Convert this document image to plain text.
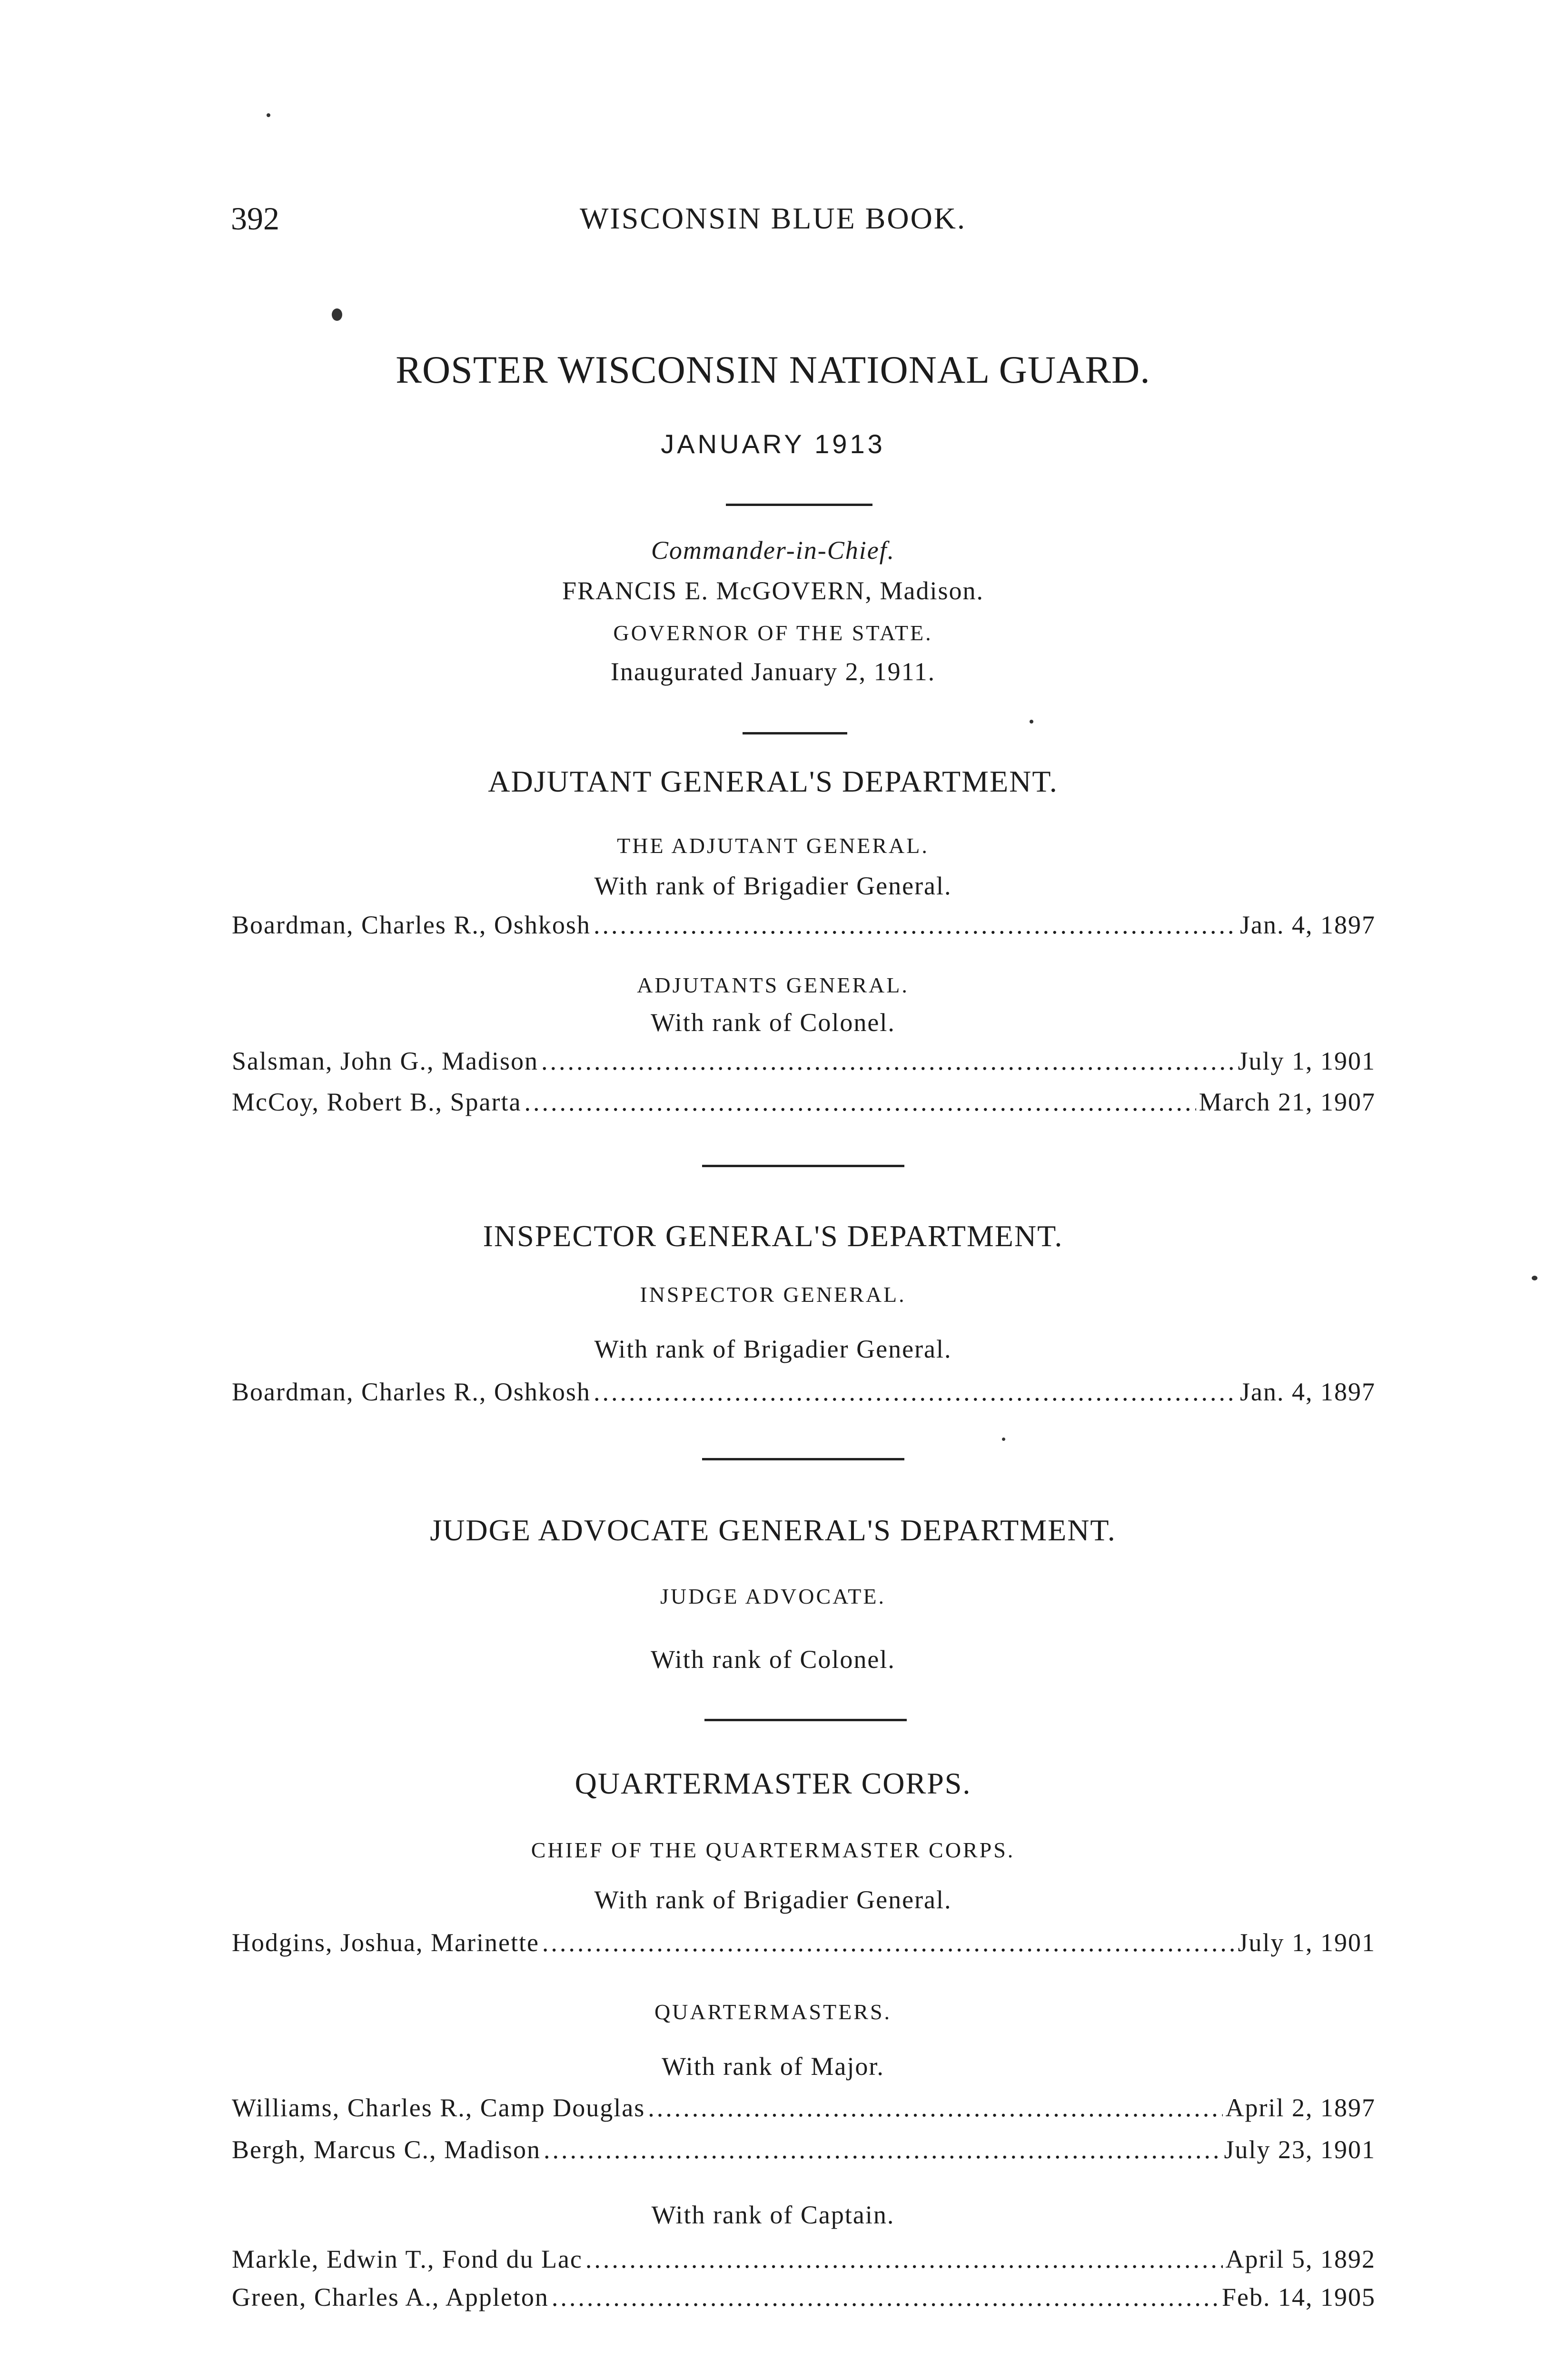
392	WISCONSIN BLUE BOOK.
ROSTER WISCONSIN NATIONAL GUARD.
JANUARY 1913
Commander-in-Chief.
FRANCIS E. McGOVERN, Madison.
GOVERNOR OF THE STATE.
Inaugurated January 2, 1911.
ADJUTANT GENERAL'S DEPARTMENT.
THE ADJUTANT GENERAL.
With rank of Brigadier General.
Boardman, Charles R., Oshkosh .....	Jan. 4, 1897
ADJUTANTS GENERAL.
With rank of Colonel.
Salsman, John G., Madison .....	July 1, 1901
McCoy, Robert B., Sparta .....	March 21, 1907
INSPECTOR GENERAL'S DEPARTMENT.
INSPECTOR GENERAL.
With rank of Brigadier General.
Boardman, Charles R., Oshkosh .....	Jan. 4, 1897
JUDGE ADVOCATE GENERAL'S DEPARTMENT.
JUDGE ADVOCATE.
With rank of Colonel.
QUARTERMASTER CORPS.
CHIEF OF THE QUARTERMASTER CORPS.
With rank of Brigadier General.
Hodgins, Joshua, Marinette .....	July 1, 1901
QUARTERMASTERS.
With rank of Major.
Williams, Charles R., Camp Douglas .....	April 2, 1897
Bergh, Marcus C., Madison .....	July 23, 1901
With rank of Captain.
Markle, Edwin T., Fond du Lac .....	April 5, 1892
Green, Charles A., Appleton .....	Feb. 14, 1905
